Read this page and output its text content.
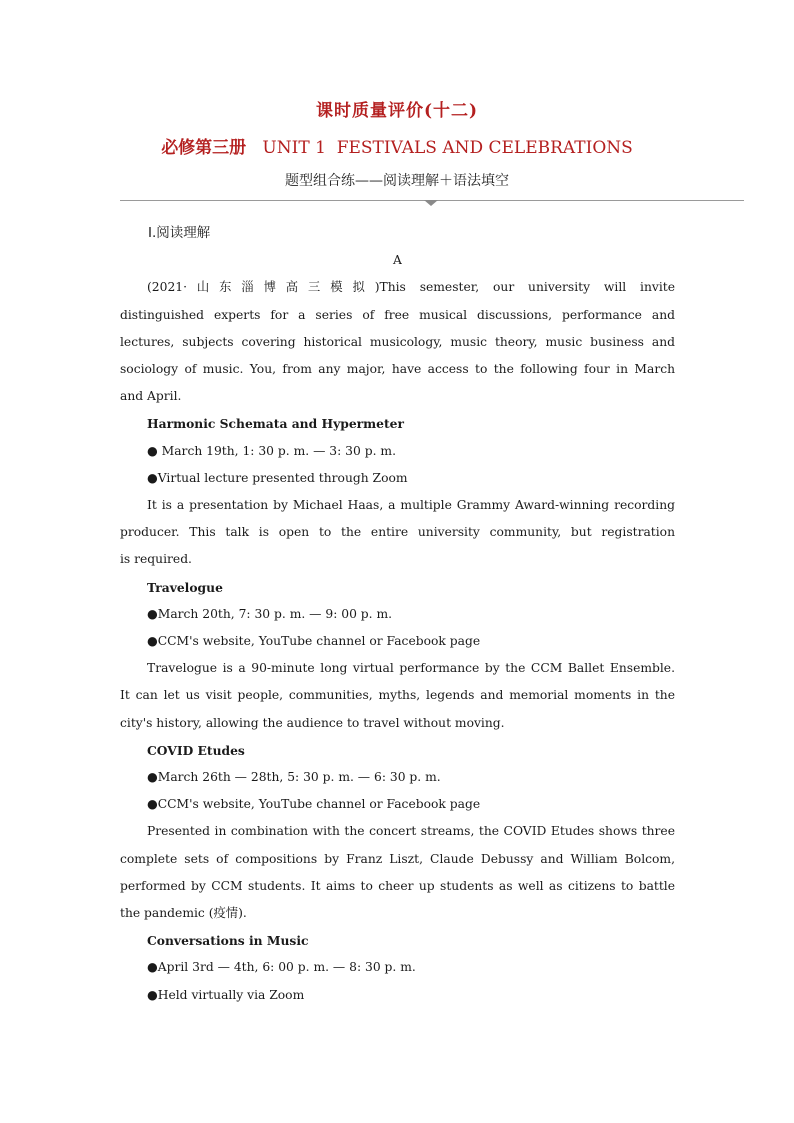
课时质量评价(十二)
必修第三册 UNIT 1  FESTIVALS AND CELEBRATIONS
题型组合练——阅读理解＋语法填空
Ⅰ.阅读理解
A
(2021·山东淄博高三模拟)This semester, our university will invite
distinguished experts for a series of free musical discussions, performance and
lectures, subjects covering historical musicology, music theory, music business and
sociology of music. You, from any major, have access to the following four in March
and April.
Harmonic Schemata and Hypermeter
● March 19th, 1: 30 p. m. — 3: 30 p. m.
●Virtual lecture presented through Zoom
It is a presentation by Michael Haas, a multiple Grammy Award-winning recording
producer. This talk is open to the entire university community, but registration
is required.
Travelogue
●March 20th, 7: 30 p. m. — 9: 00 p. m.
●CCM's website, YouTube channel or Facebook page
Travelogue is a 90-minute long virtual performance by the CCM Ballet Ensemble.
It can let us visit people, communities, myths, legends and memorial moments in the
city's history, allowing the audience to travel without moving.
COVID Etudes
●March 26th — 28th, 5: 30 p. m. — 6: 30 p. m.
●CCM's website, YouTube channel or Facebook page
Presented in combination with the concert streams, the COVID Etudes shows three
complete sets of compositions by Franz Liszt, Claude Debussy and William Bolcom,
performed by CCM students. It aims to cheer up students as well as citizens to battle
the pandemic (疫情).
Conversations in Music
●April 3rd — 4th, 6: 00 p. m. — 8: 30 p. m.
●Held virtually via Zoom
